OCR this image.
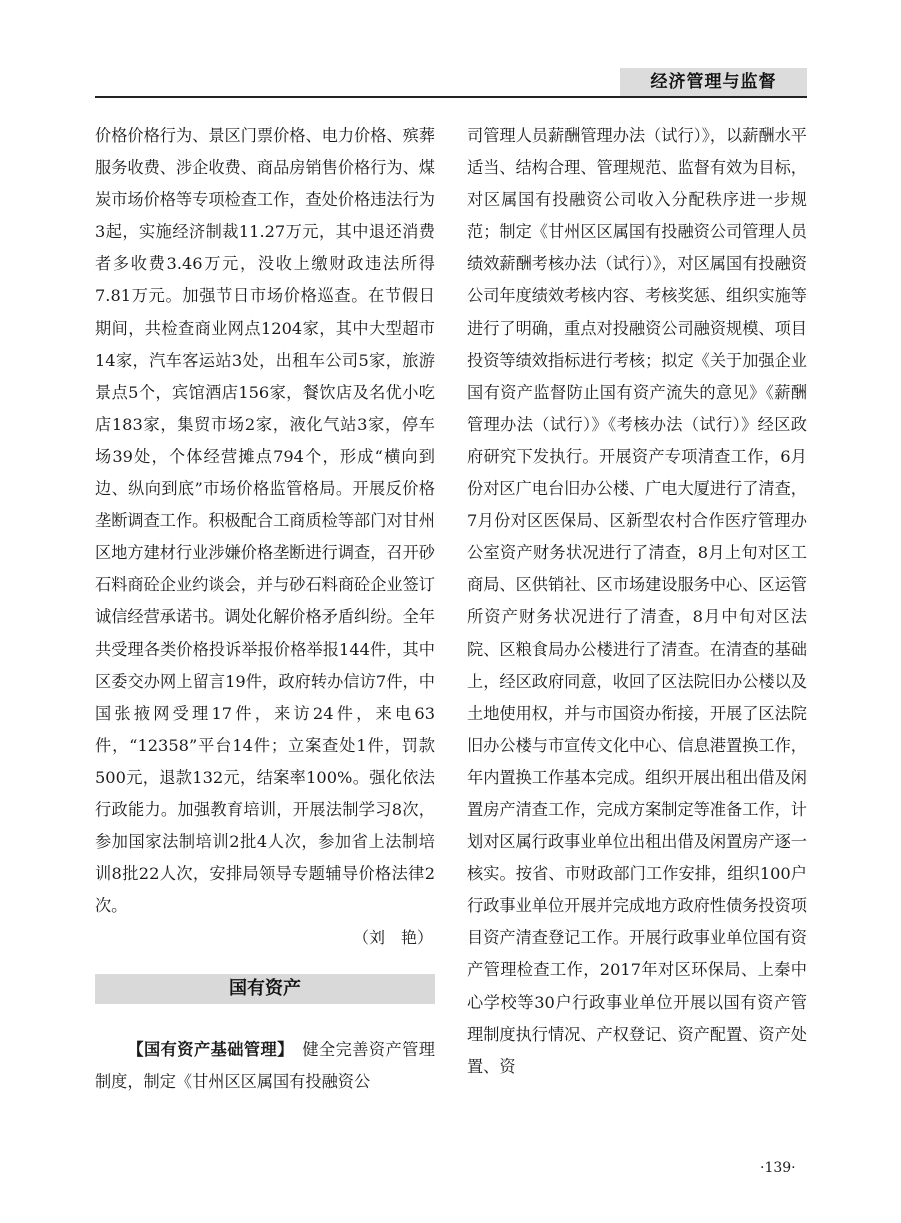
经济管理与监督

价格价格行为、景区门票价格、电力价格、殡葬服务收费、涉企收费、商品房销售价格行为、煤炭市场价格等专项检查工作，查处价格违法行为3起，实施经济制裁11.27万元，其中退还消费者多收费3.46万元，没收上缴财政违法所得7.81万元。加强节日市场价格巡查。在节假日期间，共检查商业网点1204家，其中大型超市14家，汽车客运站3处，出租车公司5家，旅游景点5个，宾馆酒店156家，餐饮店及名优小吃店183家，集贸市场2家，液化气站3家，停车场39处，个体经营摊点794个，形成“横向到边、纵向到底”市场价格监管格局。开展反价格垄断调查工作。积极配合工商质检等部门对甘州区地方建材行业涉嫌价格垄断进行调查，召开砂石料商砼企业约谈会，并与砂石料商砼企业签订诚信经营承诺书。调处化解价格矛盾纠纷。全年共受理各类价格投诉举报价格举报144件，其中区委交办网上留言19件，政府转办信访7件，中国张掖网受理17件，来访24件，来电63件，“12358”平台14件；立案查处1件，罚款500元，退款132元，结案率100%。强化依法行政能力。加强教育培训，开展法制学习8次，参加国家法制培训2批4人次，参加省上法制培训8批22人次，安排局领导专题辅导价格法律2次。

（刘　艳）

国有资产

【国有资产基础管理】　 健全完善资产管理制度，制定《甘州区区属国有投融资公

司管理人员薪酬管理办法（试行）》，以薪酬水平适当、结构合理、管理规范、监督有效为目标，对区属国有投融资公司收入分配秩序进一步规范；制定《甘州区区属国有投融资公司管理人员绩效薪酬考核办法（试行）》，对区属国有投融资公司年度绩效考核内容、考核奖惩、组织实施等进行了明确，重点对投融资公司融资规模、项目投资等绩效指标进行考核；拟定《关于加强企业国有资产监督防止国有资产流失的意见》《薪酬管理办法（试行）》《考核办法（试行）》经区政府研究下发执行。开展资产专项清查工作，6月份对区广电台旧办公楼、广电大厦进行了清查，7月份对区医保局、区新型农村合作医疗管理办公室资产财务状况进行了清查，8月上旬对区工商局、区供销社、区市场建设服务中心、区运管所资产财务状况进行了清查，8月中旬对区法院、区粮食局办公楼进行了清查。在清查的基础上，经区政府同意，收回了区法院旧办公楼以及土地使用权，并与市国资办衔接，开展了区法院旧办公楼与市宣传文化中心、信息港置换工作，年内置换工作基本完成。组织开展出租出借及闲置房产清查工作，完成方案制定等准备工作，计划对区属行政事业单位出租出借及闲置房产逐一核实。按省、市财政部门工作安排，组织100户行政事业单位开展并完成地方政府性债务投资项目资产清查登记工作。开展行政事业单位国有资产管理检查工作，2017年对区环保局、上秦中心学校等30户行政事业单位开展以国有资产管理制度执行情况、产权登记、资产配置、资产处置、资

·139·
